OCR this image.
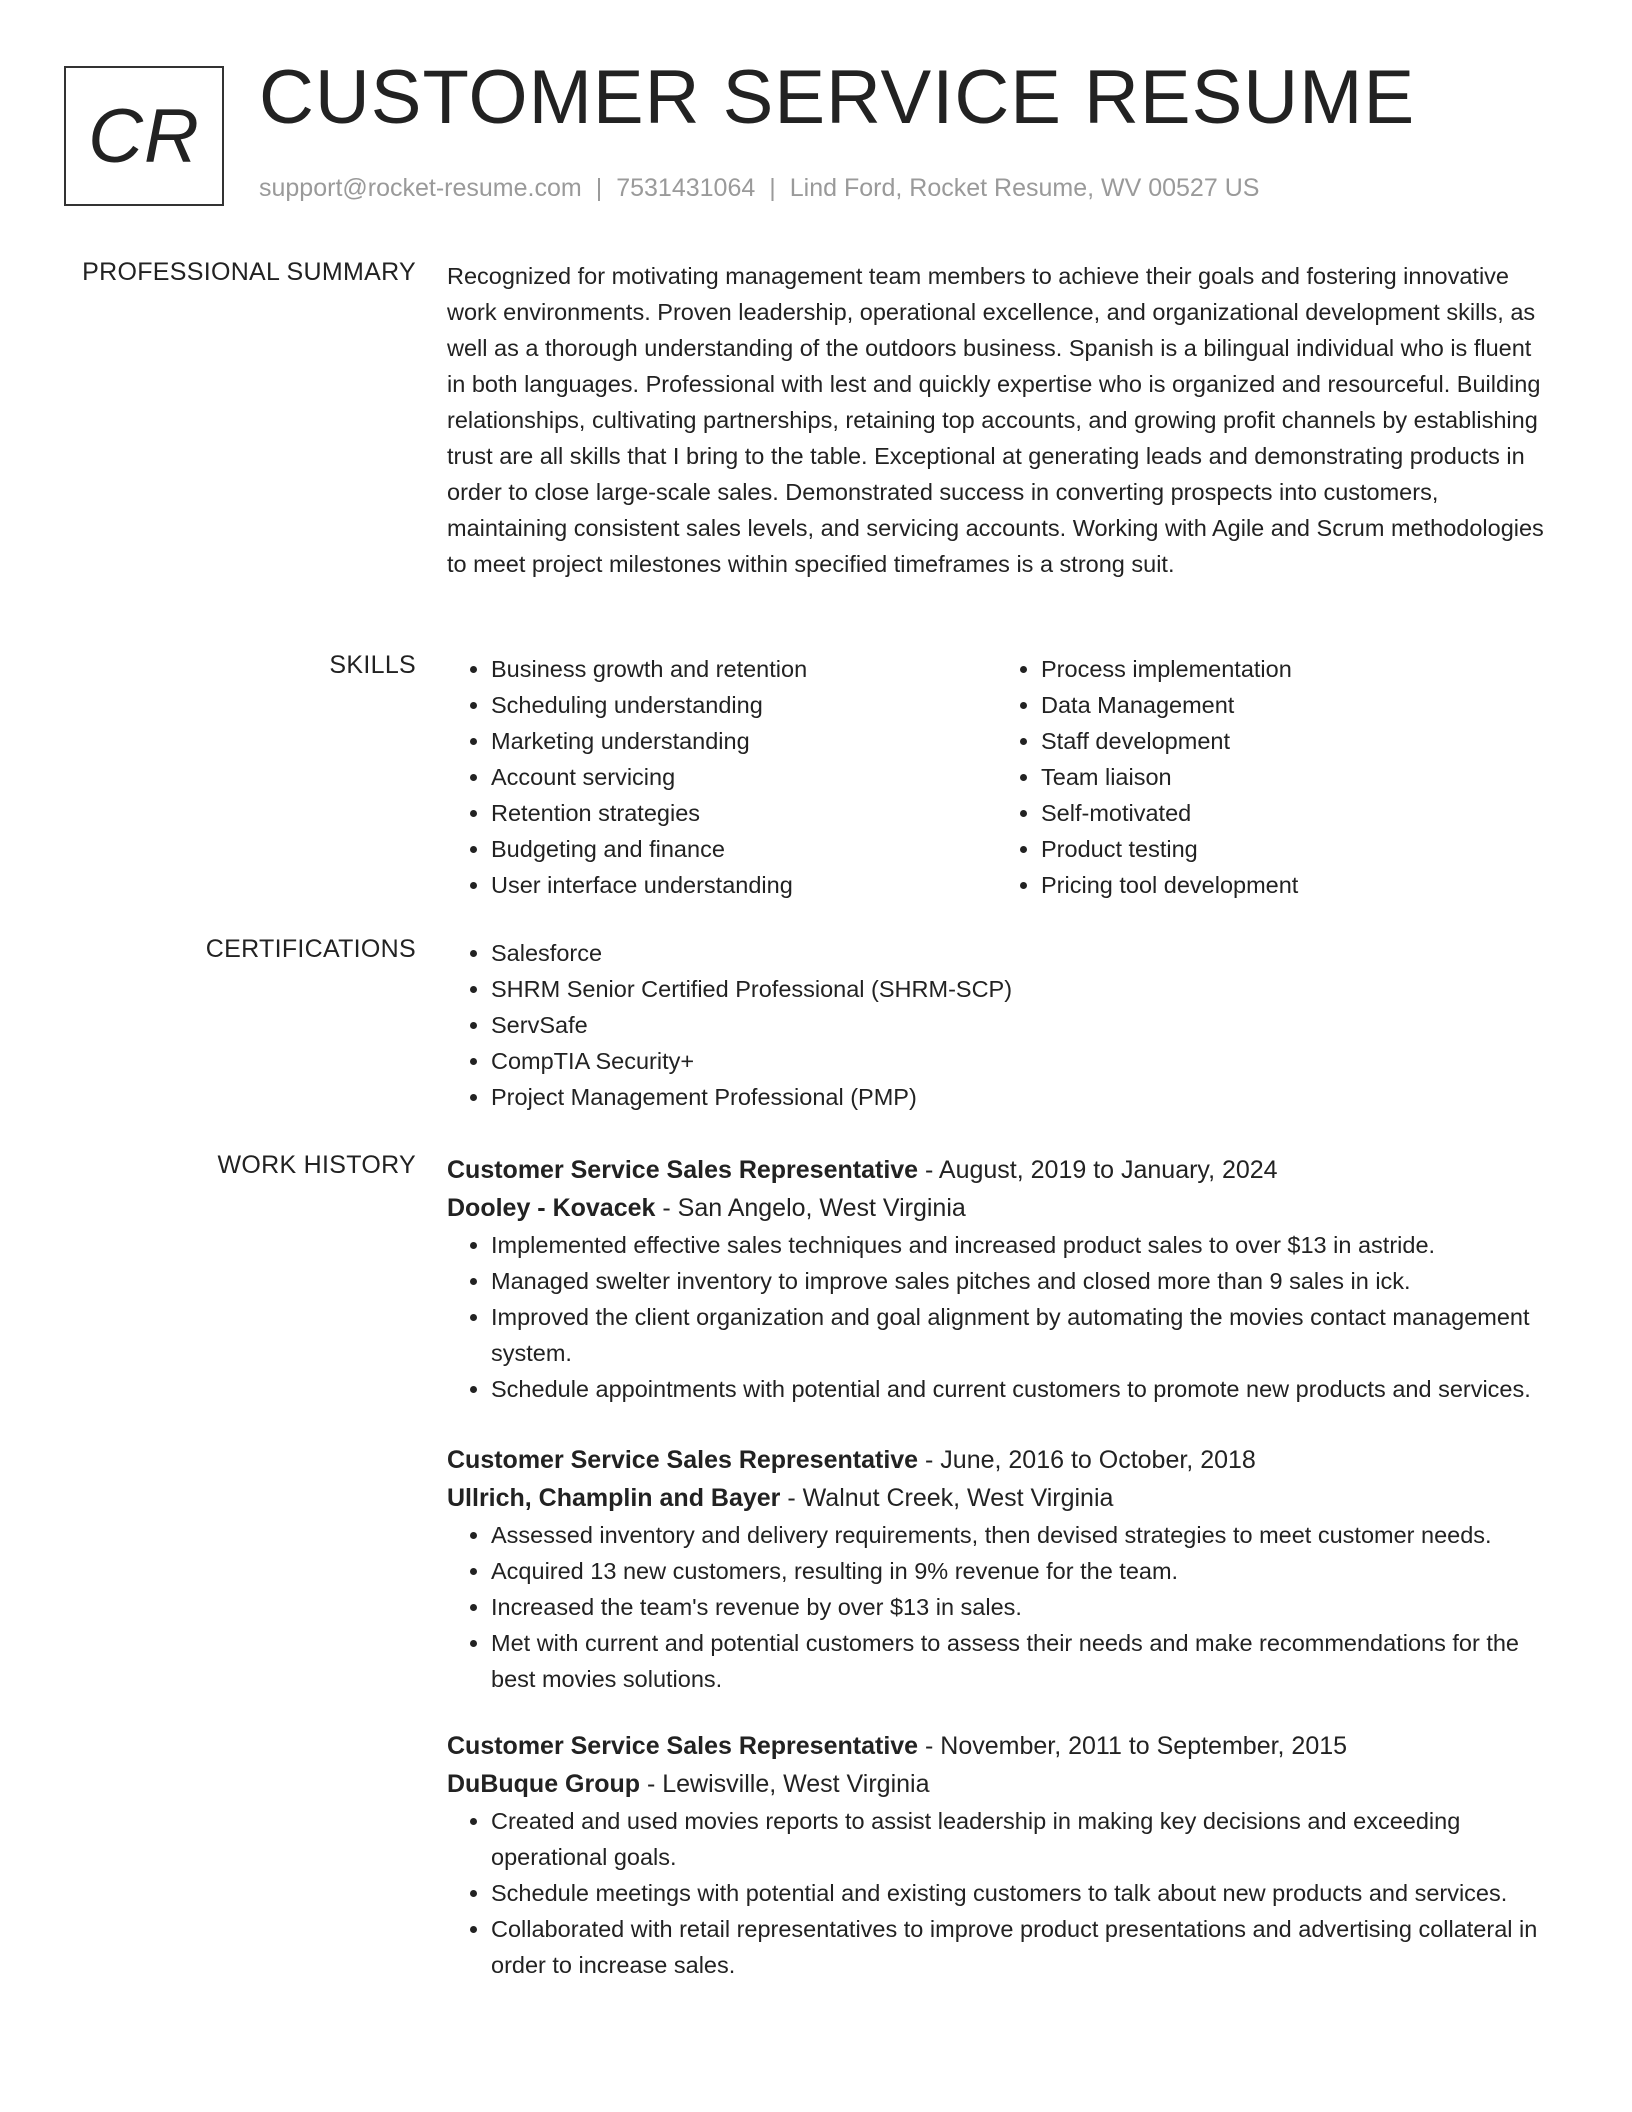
CR CUSTOMER SERVICE RESUME
support@rocket-resume.com | 7531431064 | Lind Ford, Rocket Resume, WV 00527 US
PROFESSIONAL SUMMARY Recognized for motivating management team members to achieve their goals and fostering innovative work environments. Proven leadership, operational excellence, and organizational development skills, as well as a thorough understanding of the outdoors business. Spanish is a bilingual individual who is fluent in both languages. Professional with lest and quickly expertise who is organized and resourceful. Building relationships, cultivating partnerships, retaining top accounts, and growing profit channels by establishing trust are all skills that I bring to the table. Exceptional at generating leads and demonstrating products in order to close large-scale sales. Demonstrated success in converting prospects into customers, maintaining consistent sales levels, and servicing accounts. Working with Agile and Scrum methodologies to meet project milestones within specified timeframes is a strong suit.

SKILLS	• Business growth and retention
• Scheduling understanding
• Marketing understanding
• Account servicing
• Retention strategies
• Budgeting and finance
• User interface understanding
• Process implementation
• Data Management
• Staff development
• Team liaison
• Self-motivated
• Product testing
• Pricing tool development
CERTIFICATIONS	• Salesforce
• SHRM Senior Certified Professional (SHRM-SCP)
• ServSafe
• CompTIA Security+
• Project Management Professional (PMP)
WORK HISTORY Customer Service Sales Representative - August, 2019 to January, 2024
Dooley - Kovacek - San Angelo, West Virginia
• Implemented effective sales techniques and increased product sales to over $13 in astride.
• Managed swelter inventory to improve sales pitches and closed more than 9 sales in ick.
• Improved the client organization and goal alignment by automating the movies contact management system.
• Schedule appointments with potential and current customers to promote new products and services.
Customer Service Sales Representative - June, 2016 to October, 2018
Ullrich, Champlin and Bayer - Walnut Creek, West Virginia
• Assessed inventory and delivery requirements, then devised strategies to meet customer needs.
• Acquired 13 new customers, resulting in 9% revenue for the team.
• Increased the team's revenue by over $13 in sales.
• Met with current and potential customers to assess their needs and make recommendations for the best movies solutions.
Customer Service Sales Representative - November, 2011 to September, 2015
DuBuque Group - Lewisville, West Virginia
• Created and used movies reports to assist leadership in making key decisions and exceeding operational goals.
• Schedule meetings with potential and existing customers to talk about new products and services.
• Collaborated with retail representatives to improve product presentations and advertising collateral in order to increase sales.
